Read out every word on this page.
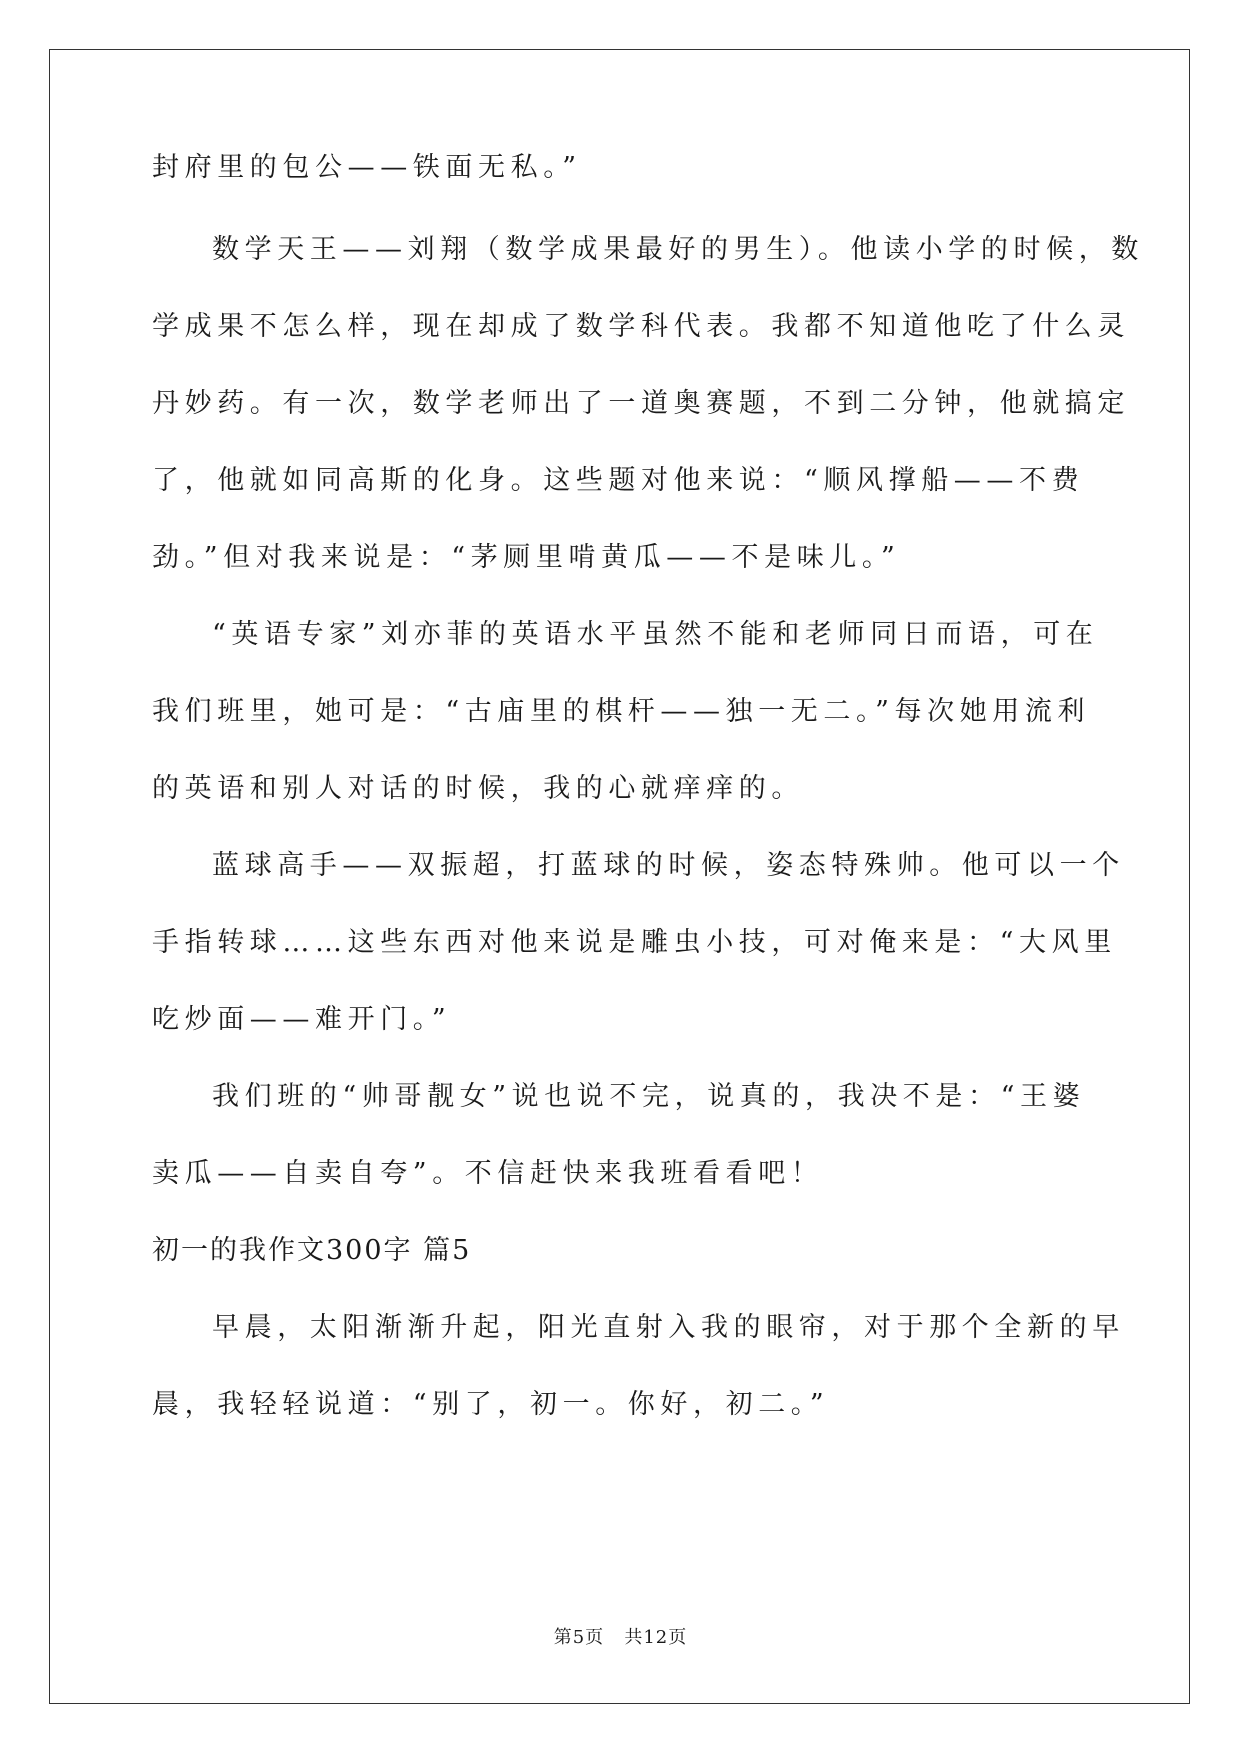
封府里的包公——铁面无私。”
数学天王——刘翔（数学成果最好的男生）。他读小学的时候，数
学成果不怎么样，现在却成了数学科代表。我都不知道他吃了什么灵
丹妙药。有一次，数学老师出了一道奥赛题，不到二分钟，他就搞定
了，他就如同高斯的化身。这些题对他来说：“顺风撑船——不费
劲。”但对我来说是：“茅厕里啃黄瓜——不是味儿。”
“英语专家”刘亦菲的英语水平虽然不能和老师同日而语，可在
我们班里，她可是：“古庙里的棋杆——独一无二。”每次她用流利
的英语和别人对话的时候，我的心就痒痒的。
蓝球高手——双振超，打蓝球的时候，姿态特殊帅。他可以一个
手指转球……这些东西对他来说是雕虫小技，可对俺来是：“大风里
吃炒面——难开门。”
我们班的“帅哥靓女”说也说不完，说真的，我决不是：“王婆
卖瓜——自卖自夸”。不信赶快来我班看看吧！
初一的我作文300字 篇5
早晨，太阳渐渐升起，阳光直射入我的眼帘，对于那个全新的早
晨，我轻轻说道：“别了，初一。你好，初二。”
第5页   共12页
